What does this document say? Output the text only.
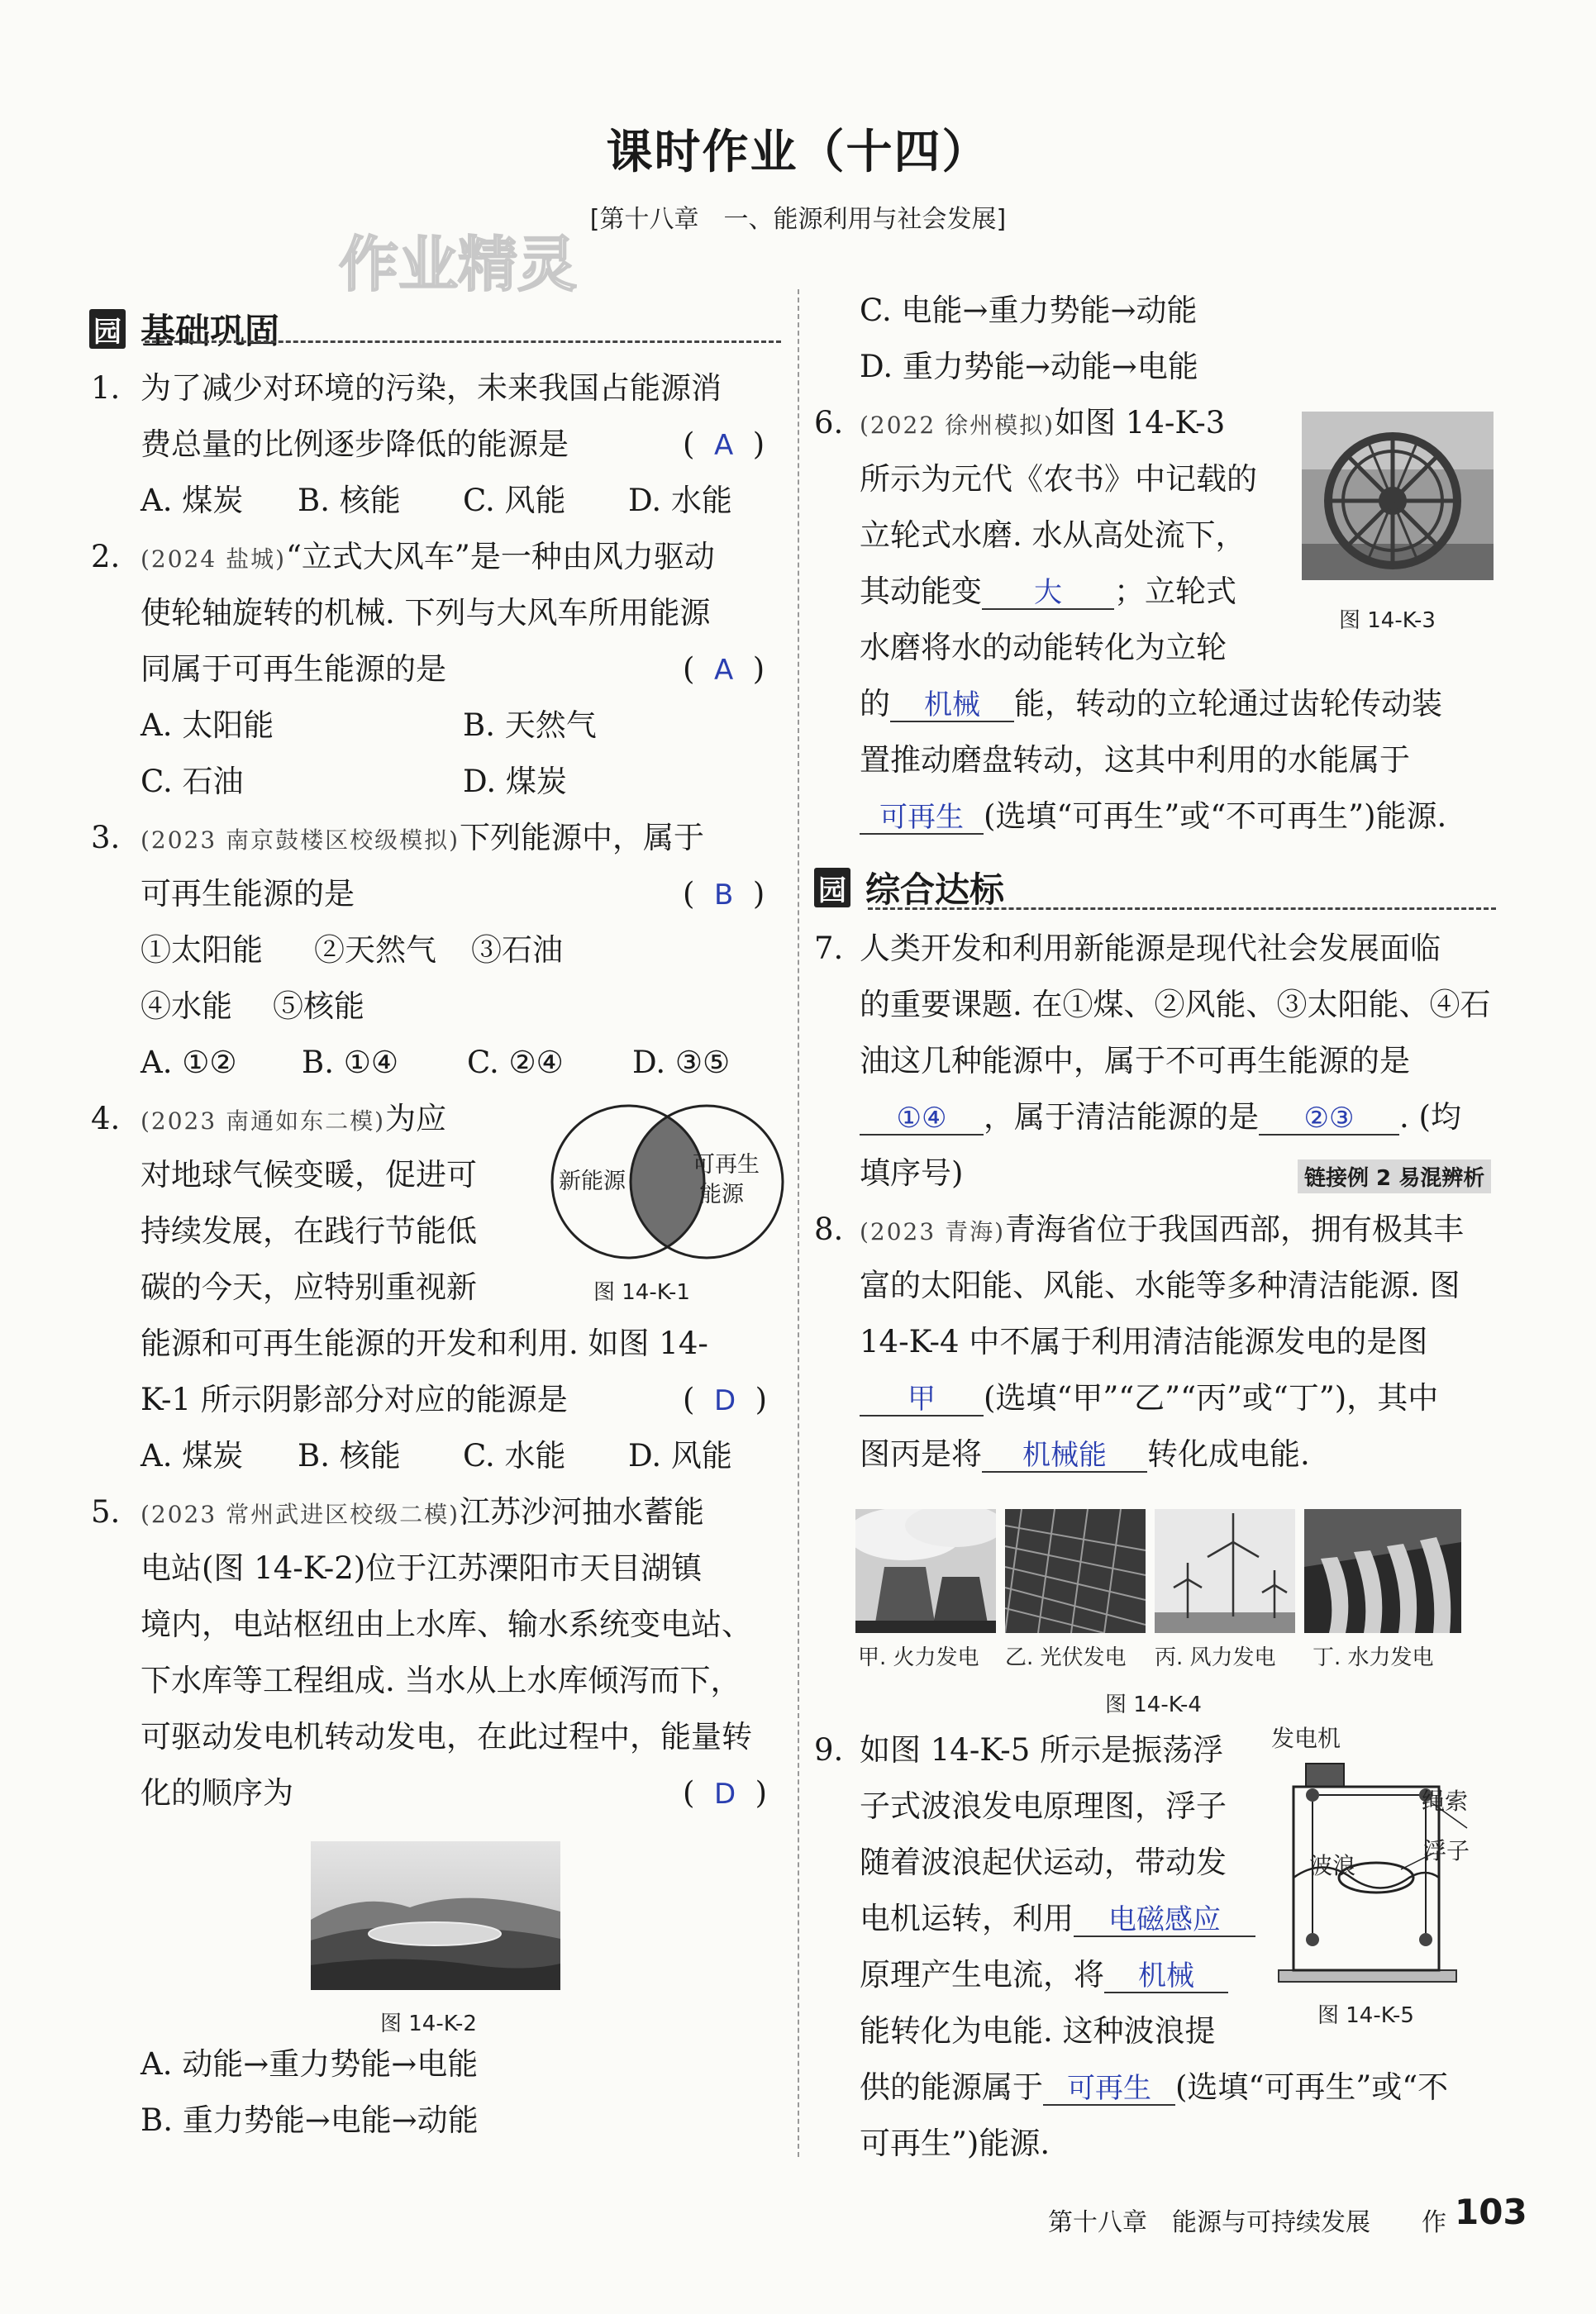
课时作业（十四）
[第十八章　一、能源利用与社会发展]
作业精灵
园 基础巩固
1. 为了减少对环境的污染，未来我国占能源消
费总量的比例逐步降低的能源是	(  A  )
A. 煤炭 B. 核能 C. 风能 D. 水能
2. (2024 盐城)“立式大风车”是一种由风力驱动
使轮轴旋转的机械. 下列与大风车所用能源
同属于可再生能源的是	(  A  )
A. 太阳能	B. 天然气
C. 石油	D. 煤炭
3. (2023 南京鼓楼区校级模拟)下列能源中，属于
可再生能源的是	(  B  )
①太阳能 ②天然气 ③石油
④水能 ⑤核能
A. ①② B. ①④ C. ②④ D. ③⑤
4. (2023 南通如东二模)为应
对地球气候变暖，促进可
持续发展，在践行节能低
碳的今天，应特别重视新
能源和可再生能源的开发和利用. 如图 14-
K-1 所示阴影部分对应的能源是	(  D  )
A. 煤炭 B. 核能 C. 水能 D. 风能
新能源
可再生
能源
图 14-K-1
5. (2023 常州武进区校级二模)江苏沙河抽水蓄能
电站(图 14-K-2)位于江苏溧阳市天目湖镇
境内，电站枢纽由上水库、输水系统变电站、
下水库等工程组成. 当水从上水库倾泻而下，
可驱动发电机转动发电，在此过程中，能量转
化的顺序为	(  D  )
图 14-K-2
A. 动能→重力势能→电能
B. 重力势能→电能→动能
C. 电能→重力势能→动能
D. 重力势能→动能→电能
6. (2022 徐州模拟)如图 14-K-3
所示为元代《农书》中记载的
立轮式水磨. 水从高处流下，
其动能变 大 ；立轮式
水磨将水的动能转化为立轮
的 机械 能，转动的立轮通过齿轮传动装
置推动磨盘转动，这其中利用的水能属于
可再生 (选填“可再生”或“不可再生”)能源.
图 14-K-3
园 综合达标
7. 人类开发和利用新能源是现代社会发展面临
的重要课题. 在①煤、②风能、③太阳能、④石
油这几种能源中，属于不可再生能源的是
①④ ，属于清洁能源的是 ②③ . (均
填序号)	链接例 2 易混辨析
8. (2023 青海)青海省位于我国西部，拥有极其丰
富的太阳能、风能、水能等多种清洁能源. 图
14-K-4 中不属于利用清洁能源发电的是图
甲 (选填“甲”“乙”“丙”或“丁”)，其中
图丙是将 机械能 转化成电能.
甲. 火力发电 乙. 光伏发电 丙. 风力发电 丁. 水力发电
图 14-K-4
9. 如图 14-K-5 所示是振荡浮
子式波浪发电原理图，浮子
随着波浪起伏运动，带动发
电机运转，利用 电磁感应
原理产生电流，将 机械
能转化为电能. 这种波浪提
供的能源属于 可再生 (选填“可再生”或“不
可再生”)能源.
发电机
绳索
浮子
波浪
图 14-K-5
第十八章　能源与可持续发展 作 103
